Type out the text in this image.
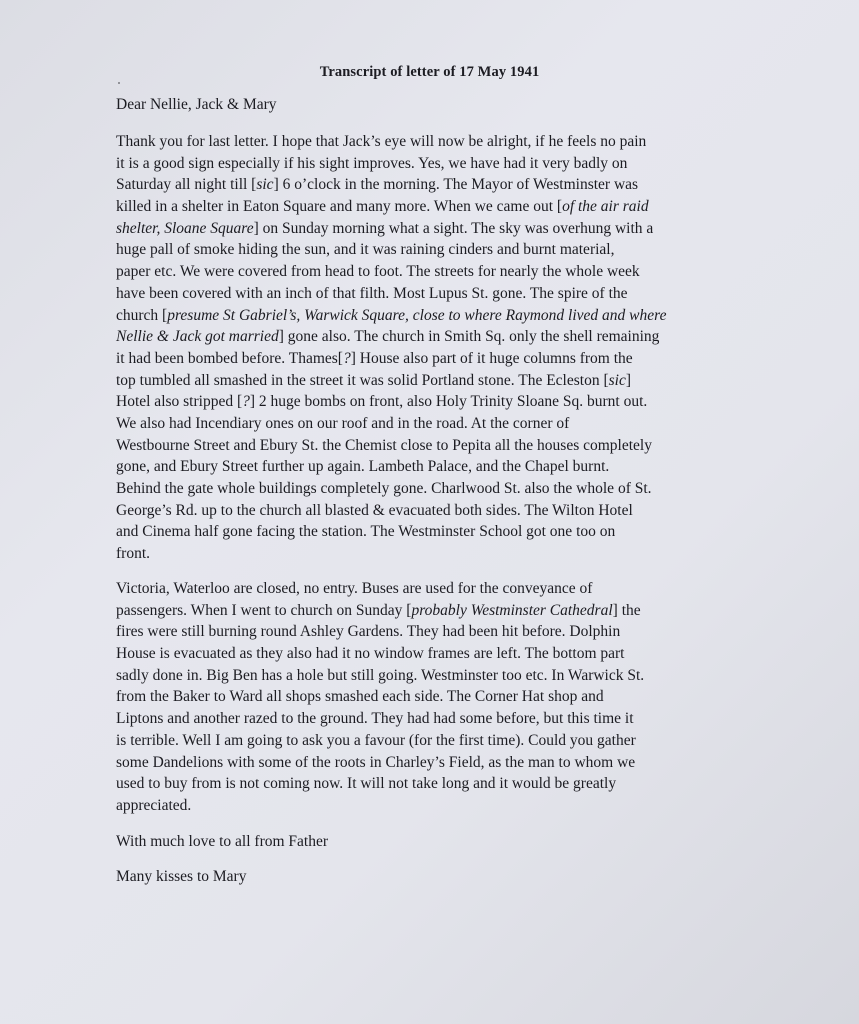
Transcript of letter of 17 May 1941
Dear Nellie, Jack & Mary
Thank you for last letter. I hope that Jack’s eye will now be alright, if he feels no pain
it is a good sign especially if his sight improves. Yes, we have had it very badly on
Saturday all night till [sic] 6 o’clock in the morning. The Mayor of Westminster was
killed in a shelter in Eaton Square and many more. When we came out [of the air raid
shelter, Sloane Square] on Sunday morning what a sight. The sky was overhung with a
huge pall of smoke hiding the sun, and it was raining cinders and burnt material,
paper etc. We were covered from head to foot. The streets for nearly the whole week
have been covered with an inch of that filth. Most Lupus St. gone. The spire of the
church [presume St Gabriel’s, Warwick Square, close to where Raymond lived and where
Nellie & Jack got married] gone also. The church in Smith Sq. only the shell remaining
it had been bombed before. Thames[?] House also part of it huge columns from the
top tumbled all smashed in the street it was solid Portland stone. The Ecleston [sic]
Hotel also stripped [?] 2 huge bombs on front, also Holy Trinity Sloane Sq. burnt out.
We also had Incendiary ones on our roof and in the road. At the corner of
Westbourne Street and Ebury St. the Chemist close to Pepita all the houses completely
gone, and Ebury Street further up again. Lambeth Palace, and the Chapel burnt.
Behind the gate whole buildings completely gone. Charlwood St. also the whole of St.
George’s Rd. up to the church all blasted & evacuated both sides. The Wilton Hotel
and Cinema half gone facing the station. The Westminster School got one too on
front.
Victoria, Waterloo are closed, no entry. Buses are used for the conveyance of
passengers. When I went to church on Sunday [probably Westminster Cathedral] the
fires were still burning round Ashley Gardens. They had been hit before. Dolphin
House is evacuated as they also had it no window frames are left. The bottom part
sadly done in. Big Ben has a hole but still going. Westminster too etc. In Warwick St.
from the Baker to Ward all shops smashed each side. The Corner Hat shop and
Liptons and another razed to the ground. They had had some before, but this time it
is terrible. Well I am going to ask you a favour (for the first time). Could you gather
some Dandelions with some of the roots in Charley’s Field, as the man to whom we
used to buy from is not coming now. It will not take long and it would be greatly
appreciated.
With much love to all from Father
Many kisses to Mary
